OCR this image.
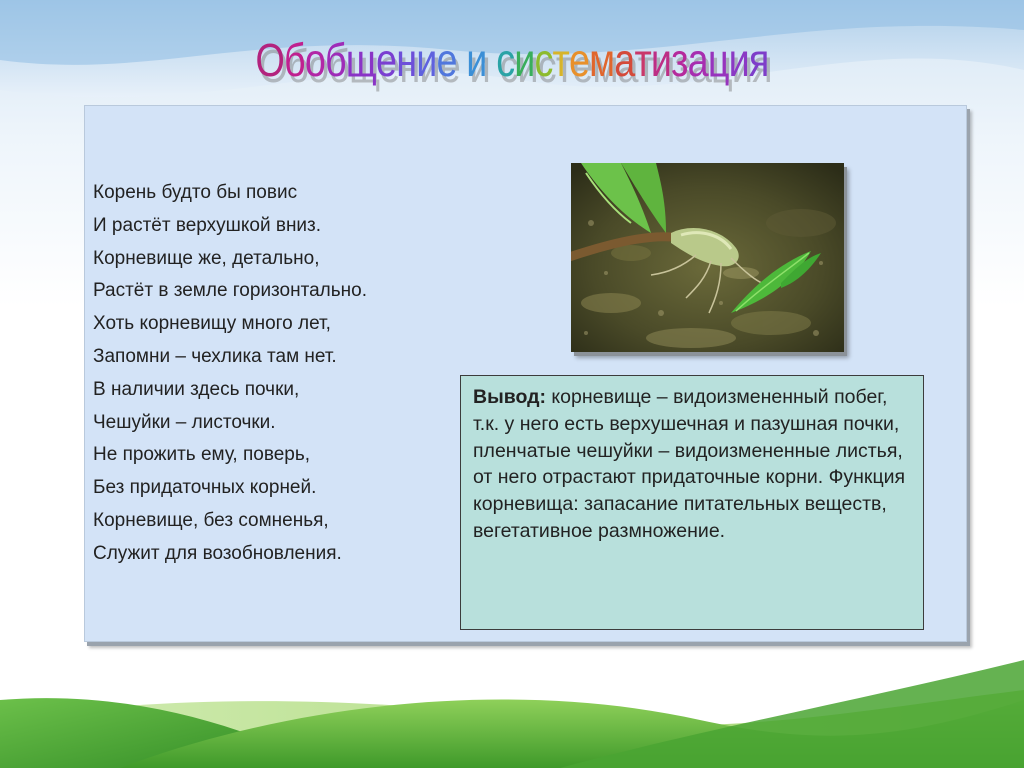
Обобщение и систематизация
Корень будто бы повис
И растёт верхушкой вниз.
Корневище же, детально,
Растёт в земле горизонтально.
Хоть корневищу много лет,
Запомни – чехлика там нет.
В наличии здесь почки,
Чешуйки – листочки.
Не прожить ему, поверь,
Без придаточных корней.
Корневище, без сомненья,
Служит для возобновления.
Вывод: корневище – видоизмененный побег, т.к. у него есть верхушечная и пазушная почки, пленчатые чешуйки – видоизмененные листья, от него отрастают придаточные корни. Функция корневища: запасание питательных веществ, вегетативное размножение.
